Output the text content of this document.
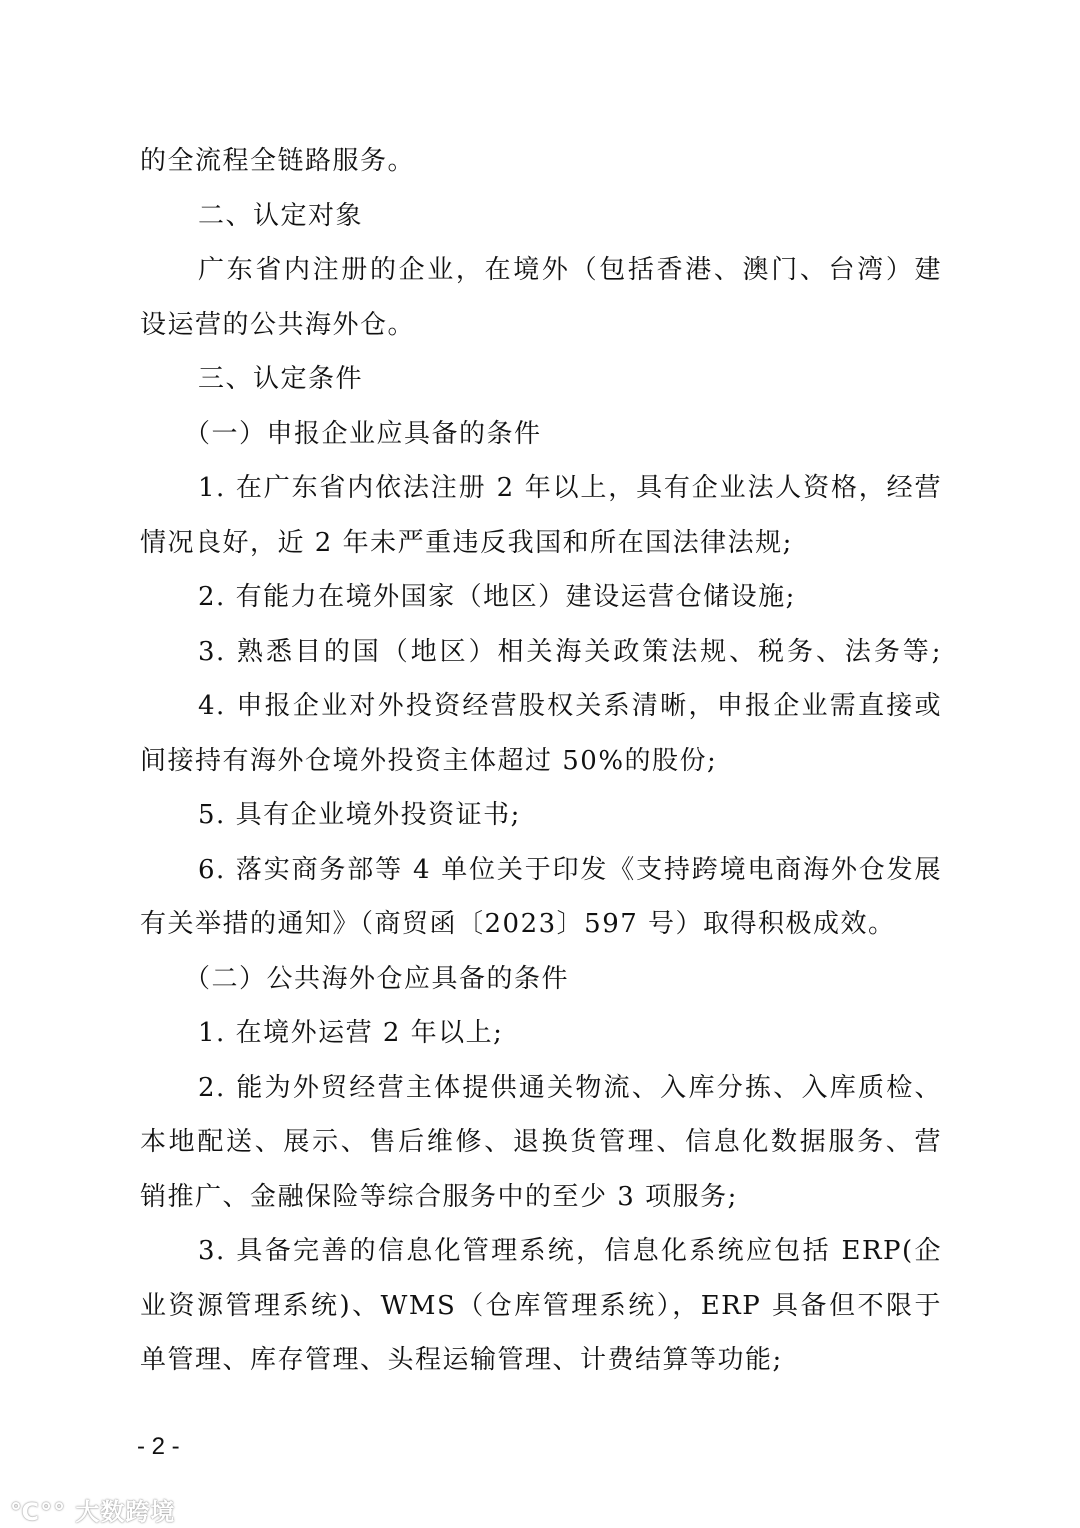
的全流程全链路服务。
二、认定对象
广东省内注册的企业，在境外（包括香港、澳门、台湾）建
设运营的公共海外仓。
三、认定条件
（一）申报企业应具备的条件
1. 在广东省内依法注册 2 年以上，具有企业法人资格，经营
情况良好，近 2 年未严重违反我国和所在国法律法规;
2. 有能力在境外国家（地区）建设运营仓储设施;
3. 熟悉目的国（地区）相关海关政策法规、税务、法务等;
4. 申报企业对外投资经营股权关系清晰，申报企业需直接或
间接持有海外仓境外投资主体超过 50%的股份;
5. 具有企业境外投资证书;
6. 落实商务部等 4 单位关于印发《支持跨境电商海外仓发展
有关举措的通知》（商贸函〔2023〕597 号）取得积极成效。
（二）公共海外仓应具备的条件
1. 在境外运营 2 年以上;
2. 能为外贸经营主体提供通关物流、入库分拣、入库质检、
本地配送、展示、售后维修、退换货管理、信息化数据服务、营
销推广、金融保险等综合服务中的至少 3 项服务;
3. 具备完善的信息化管理系统，信息化系统应包括 ERP(企
业资源管理系统)、WMS（仓库管理系统），ERP 具备但不限于
单管理、库存管理、头程运输管理、计费结算等功能;
- 2 -
℃°° 大数跨境
